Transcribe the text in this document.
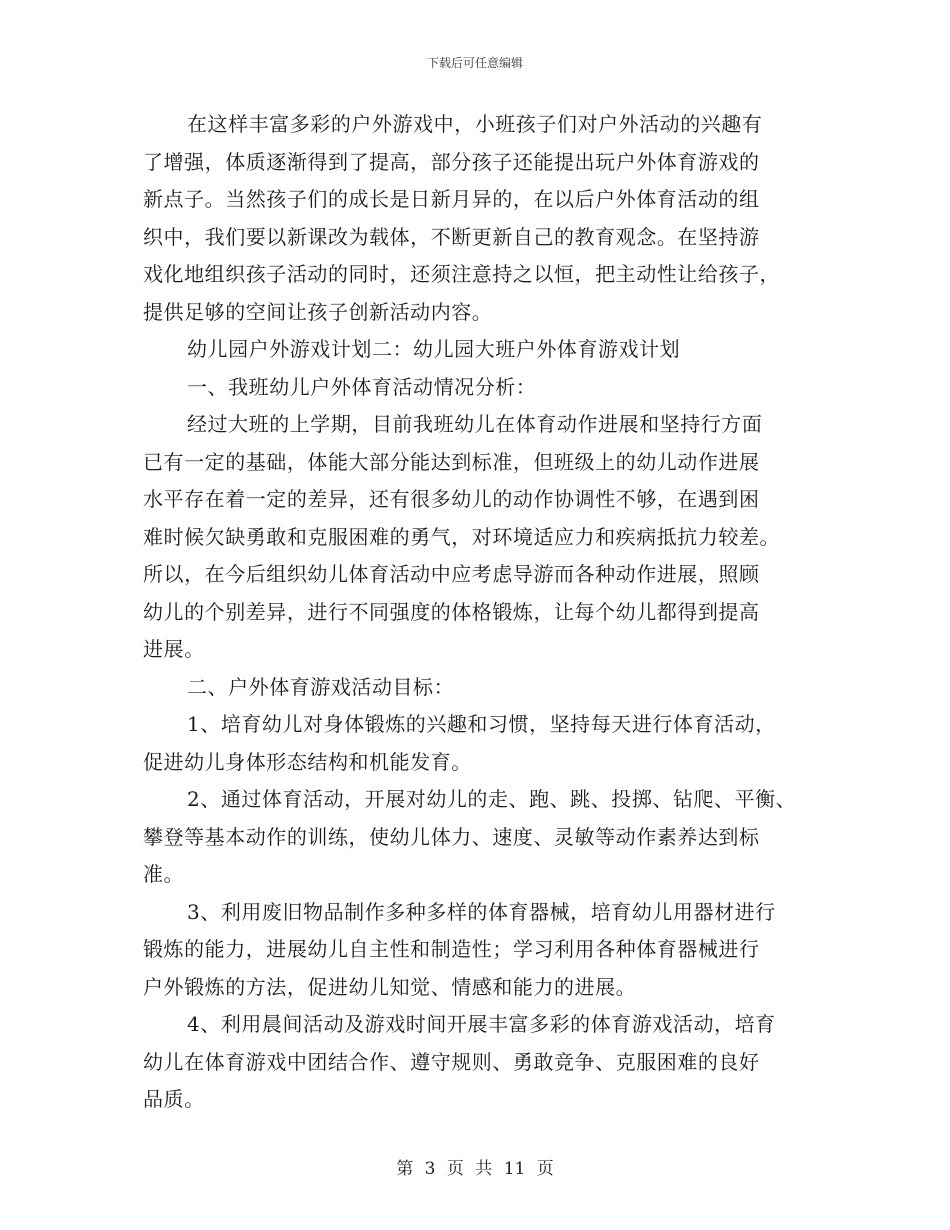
下载后可任意编辑
在这样丰富多彩的户外游戏中，小班孩子们对户外活动的兴趣有
了增强，体质逐渐得到了提高，部分孩子还能提出玩户外体育游戏的
新点子。当然孩子们的成长是日新月异的，在以后户外体育活动的组
织中，我们要以新课改为载体，不断更新自己的教育观念。在坚持游
戏化地组织孩子活动的同时，还须注意持之以恒，把主动性让给孩子，
提供足够的空间让孩子创新活动内容。
幼儿园户外游戏计划二：幼儿园大班户外体育游戏计划
一、我班幼儿户外体育活动情况分析：
经过大班的上学期，目前我班幼儿在体育动作进展和坚持行方面
已有一定的基础，体能大部分能达到标准，但班级上的幼儿动作进展
水平存在着一定的差异，还有很多幼儿的动作协调性不够，在遇到困
难时候欠缺勇敢和克服困难的勇气，对环境适应力和疾病抵抗力较差。
所以，在今后组织幼儿体育活动中应考虑导游而各种动作进展，照顾
幼儿的个别差异，进行不同强度的体格锻炼，让每个幼儿都得到提高
进展。
二、户外体育游戏活动目标：
1、培育幼儿对身体锻炼的兴趣和习惯，坚持每天进行体育活动，
促进幼儿身体形态结构和机能发育。
2、通过体育活动，开展对幼儿的走、跑、跳、投掷、钻爬、平衡、
攀登等基本动作的训练，使幼儿体力、速度、灵敏等动作素养达到标
准。
3、利用废旧物品制作多种多样的体育器械，培育幼儿用器材进行
锻炼的能力，进展幼儿自主性和制造性；学习利用各种体育器械进行
户外锻炼的方法，促进幼儿知觉、情感和能力的进展。
4、利用晨间活动及游戏时间开展丰富多彩的体育游戏活动，培育
幼儿在体育游戏中团结合作、遵守规则、勇敢竞争、克服困难的良好
品质。
第 3 页 共 11 页
